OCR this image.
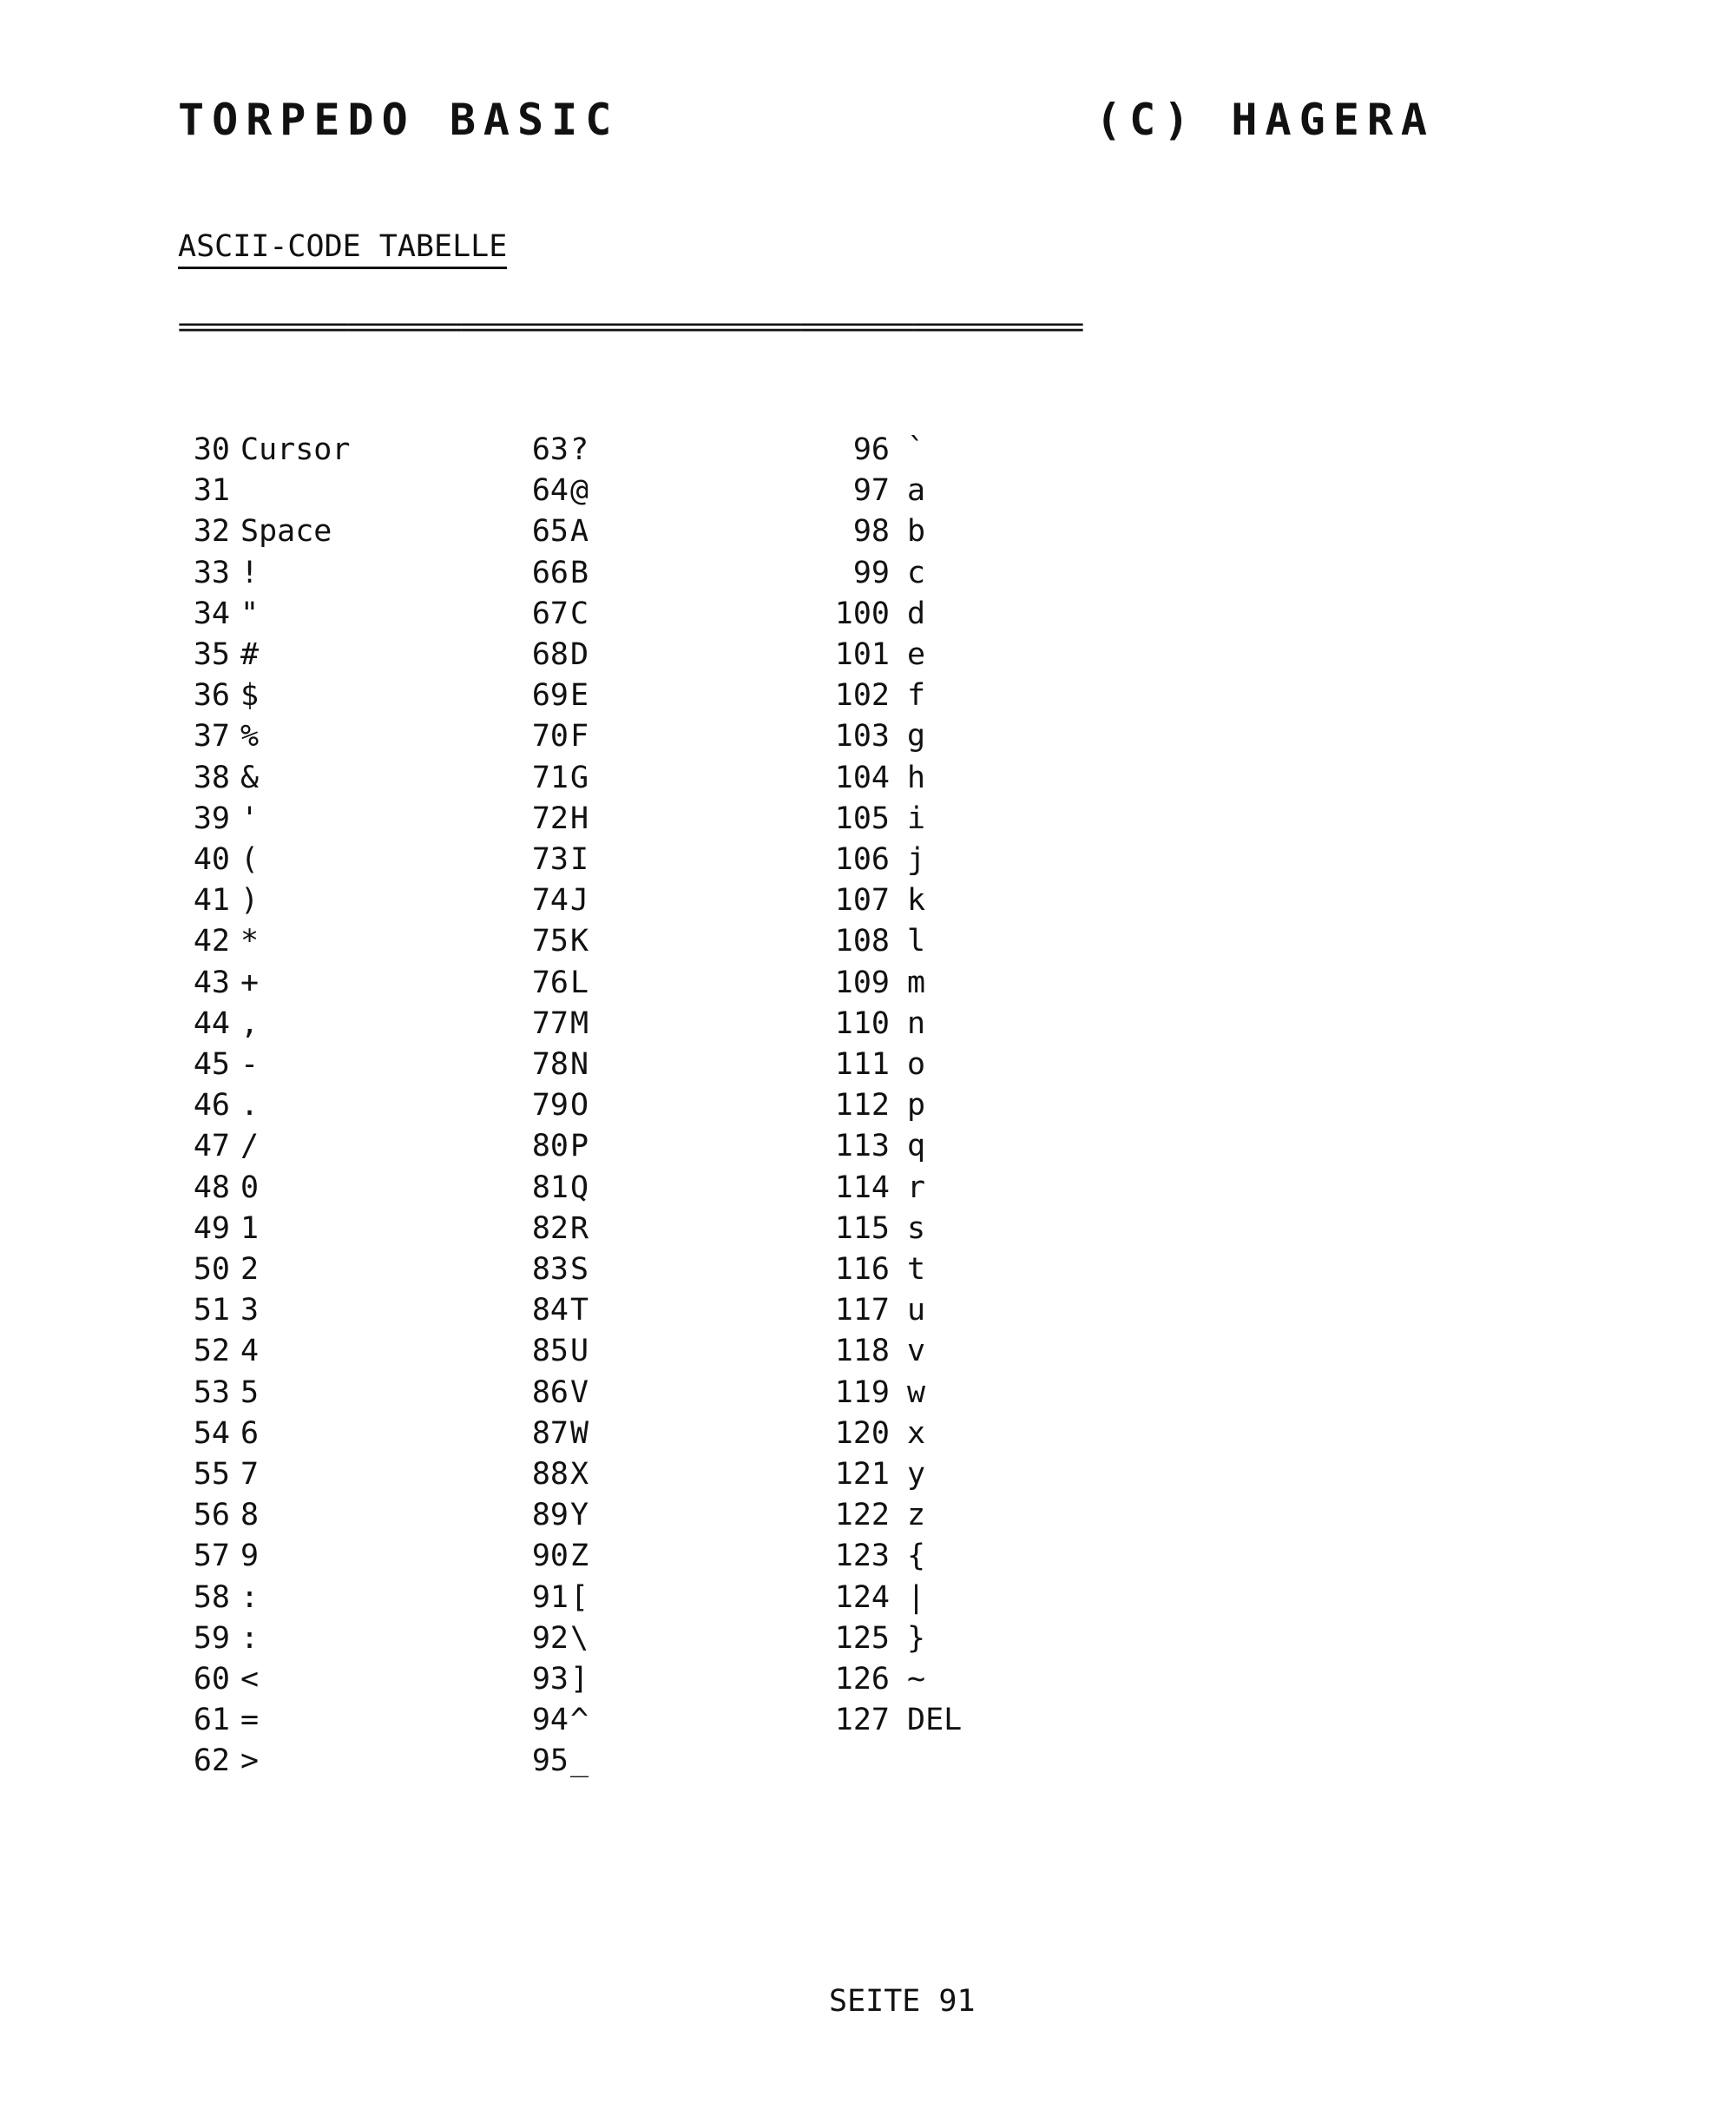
TORPEDO BASIC	(C) HAGERA
ASCII-CODE TABELLE
================================================================
30 Cursor
31
32 Space
33 !
34 "
35 #
36 $
37 %
38 &
39 '
40 (
41 )
42 *
43 +
44 ,
45 -
46 .
47 /
48 0
49 1
50 2
51 3
52 4
53 5
54 6
55 7
56 8
57 9
58 :
59 :
60 <
61 =
62 >
63 ?
64 @
65 A
66 B
67 C
68 D
69 E
70 F
71 G
72 H
73 I
74 J
75 K
76 L
77 M
78 N
79 O
80 P
81 Q
82 R
83 S
84 T
85 U
86 V
87 W
88 X
89 Y
90 Z
91 [
92 \
93 ]
94 ^
95 _
96 `
97 a
98 b
99 c
100 d
101 e
102 f
103 g
104 h
105 i
106 j
107 k
108 l
109 m
110 n
111 o
112 p
113 q
114 r
115 s
116 t
117 u
118 v
119 w
120 x
121 y
122 z
123 {
124 |
125 }
126 ~
127 DEL
SEITE 91
